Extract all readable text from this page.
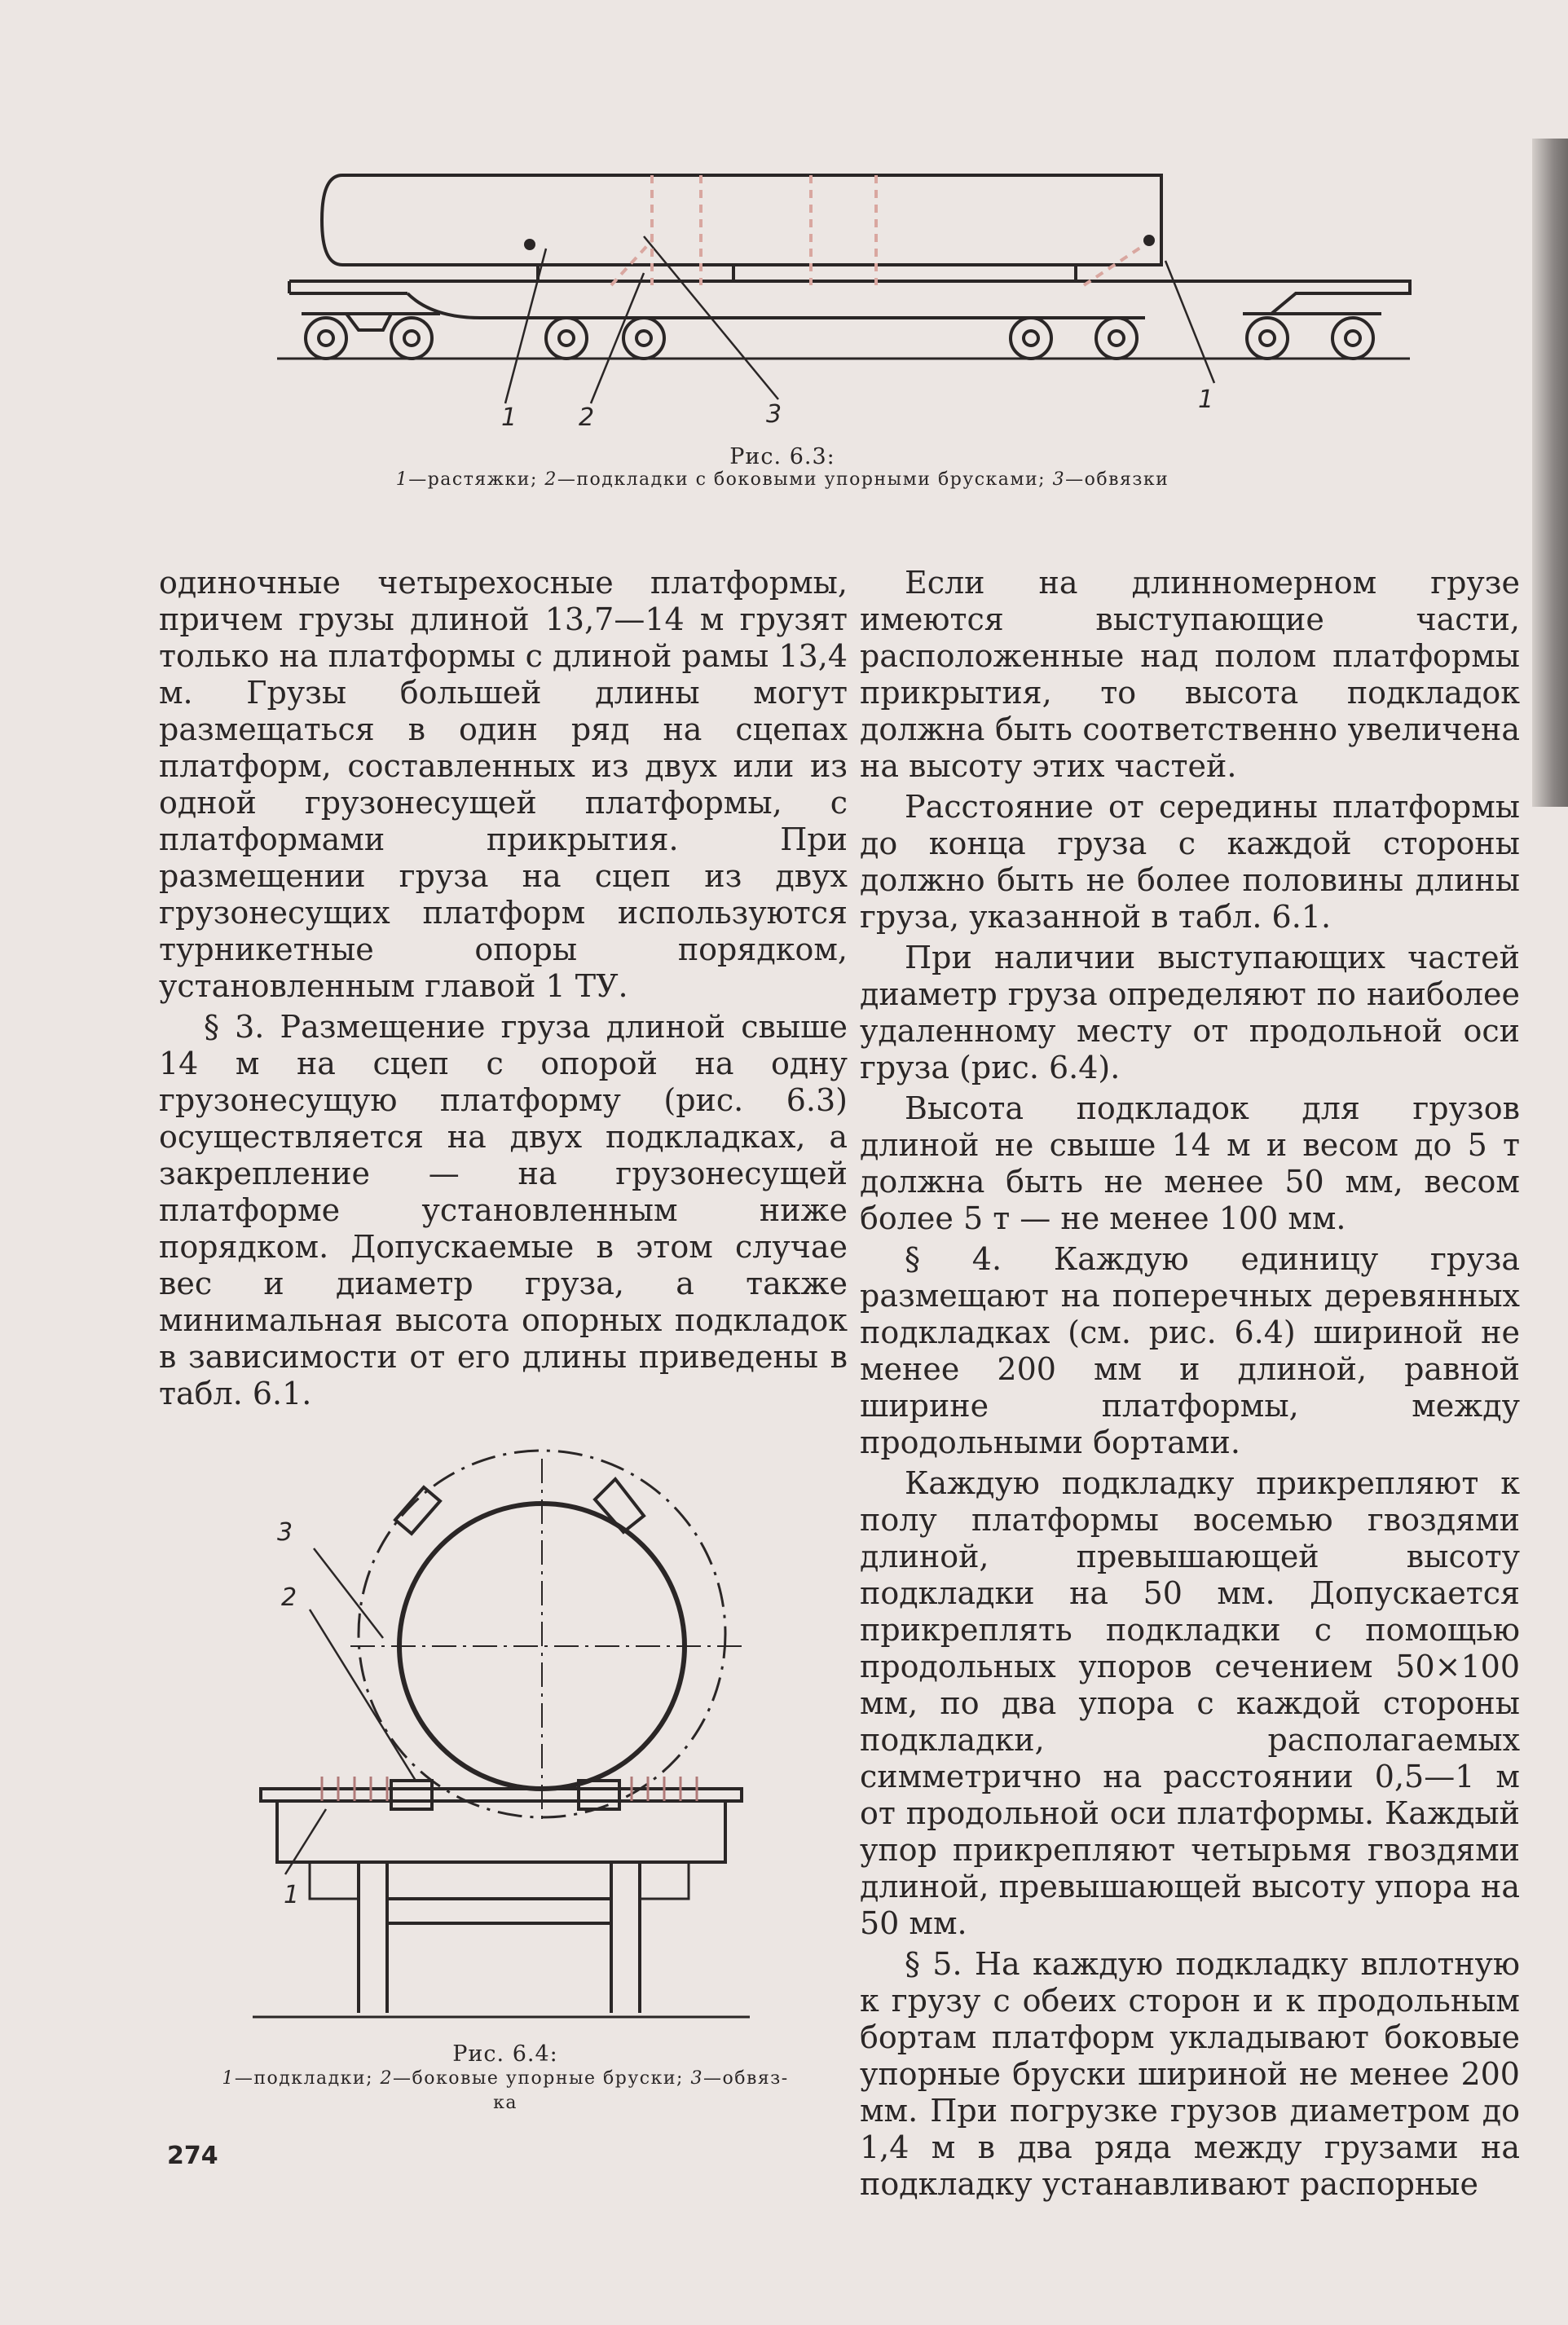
1	2	3
1
Рис. 6.3:
1—растяжки; 2—подкладки с боковыми упорными брусками; 3—обвязки

одиночные четырехосные платформы, причем грузы длиной 13,7—14 м грузят только на платформы с длиной рамы 13,4 м. Грузы большей длины могут размещаться в один ряд на сцепах платформ, составленных из двух или из одной грузонесущей платформы, с платформами прикрытия. При размещении груза на сцеп из двух грузонесущих платформ используются турникетные опоры порядком, установленным главой 1 ТУ.

§ 3. Размещение груза длиной свыше 14 м на сцеп с опорой на одну грузонесущую платформу (рис. 6.3) осуществляется на двух подкладках, а закрепление — на грузонесущей платформе установленным ниже порядком. Допускаемые в этом случае вес и диаметр груза, а также минимальная высота опорных подкладок в зависимости от его длины приведены в табл. 6.1.

Если на длинномерном грузе имеются выступающие части, расположенные над полом платформы прикрытия, то высота подкладок должна быть соответственно увеличена на высоту этих частей.

Расстояние от середины платформы до конца груза с каждой стороны должно быть не более половины длины груза, указанной в табл. 6.1.

При наличии выступающих частей диаметр груза определяют по наиболее удаленному месту от продольной оси груза (рис. 6.4).

Высота подкладок для грузов длиной не свыше 14 м и весом до 5 т должна быть не менее 50 мм, весом более 5 т — не менее 100 мм.

§ 4. Каждую единицу груза размещают на поперечных деревянных подкладках (см. рис. 6.4) шириной не менее 200 мм и длиной, равной ширине платформы, между продольными бортами.

Каждую подкладку прикрепляют к полу платформы восемью гвоздями длиной, превышающей высоту подкладки на 50 мм. Допускается прикреплять подкладки с помощью продольных упоров сечением 50×100 мм, по два упора с каждой стороны подкладки, располагаемых симметрично на расстоянии 0,5—1 м от продольной оси платформы. Каждый упор прикрепляют четырьмя гвоздями длиной, превышающей высоту упора на 50 мм.

§ 5. На каждую подкладку вплотную к грузу с обеих сторон и к продольным бортам платформ укладывают боковые упорные бруски шириной не менее 200 мм. При погрузке грузов диаметром до 1,4 м в два ряда между грузами на подкладку устанавливают распорные

3
2
1
Рис. 6.4:
1—подкладки; 2—боковые упорные бруски; 3—обвяз-
ка
274
